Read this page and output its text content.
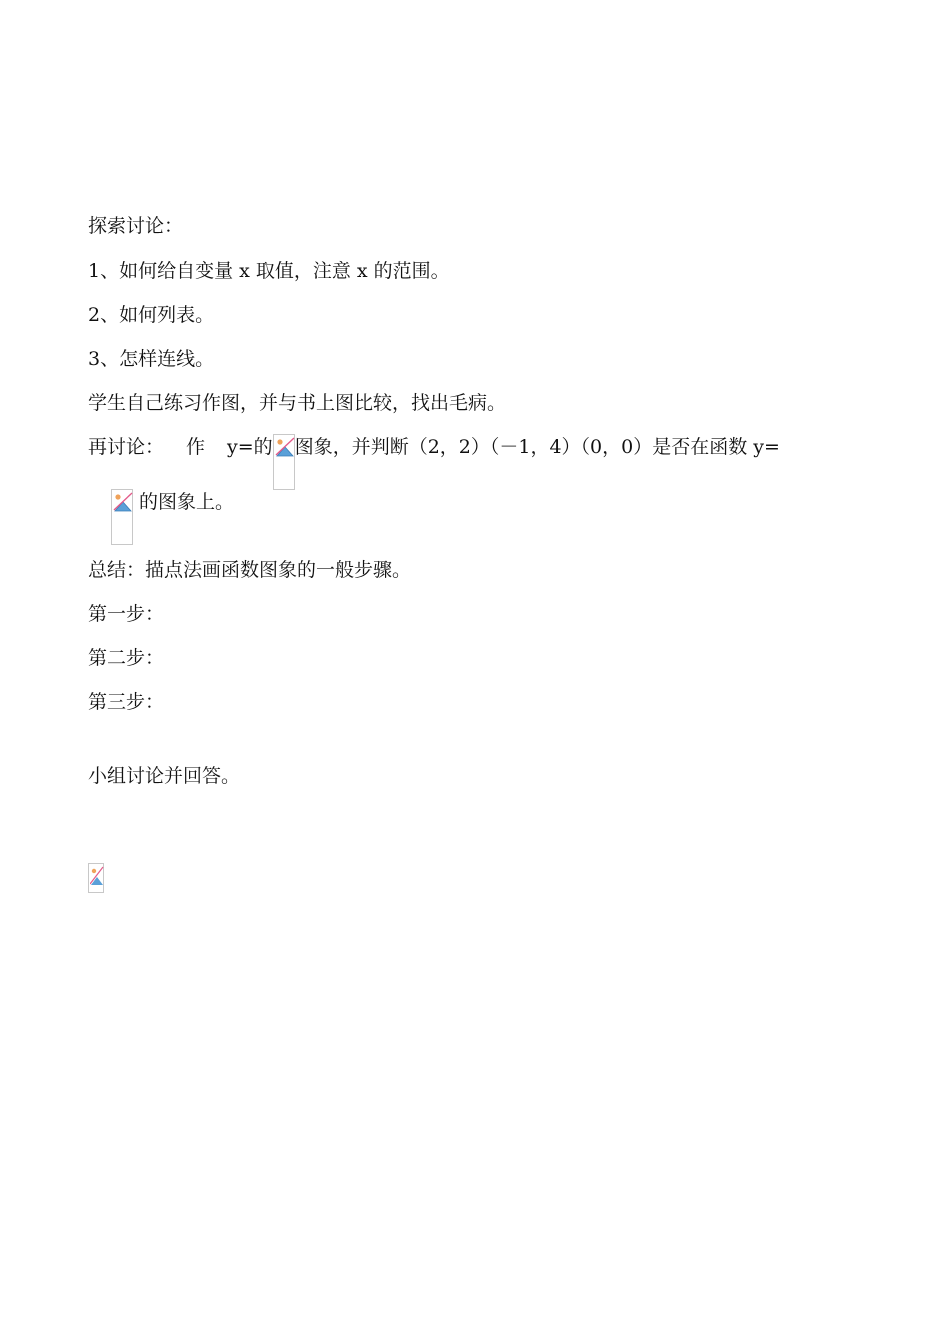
探索讨论：
1、如何给自变量 x 取值，注意 x 的范围。
2、如何列表。
3、怎样连线。
学生自己练习作图，并与书上图比较，找出毛病。
再讨论： 作 y=的 图象，并判断（2，2）（－1，4）（0，0）是否在函数 y=
的图象上。
总结：描点法画函数图象的一般步骤。
第一步：
第二步：
第三步：
小组讨论并回答。
